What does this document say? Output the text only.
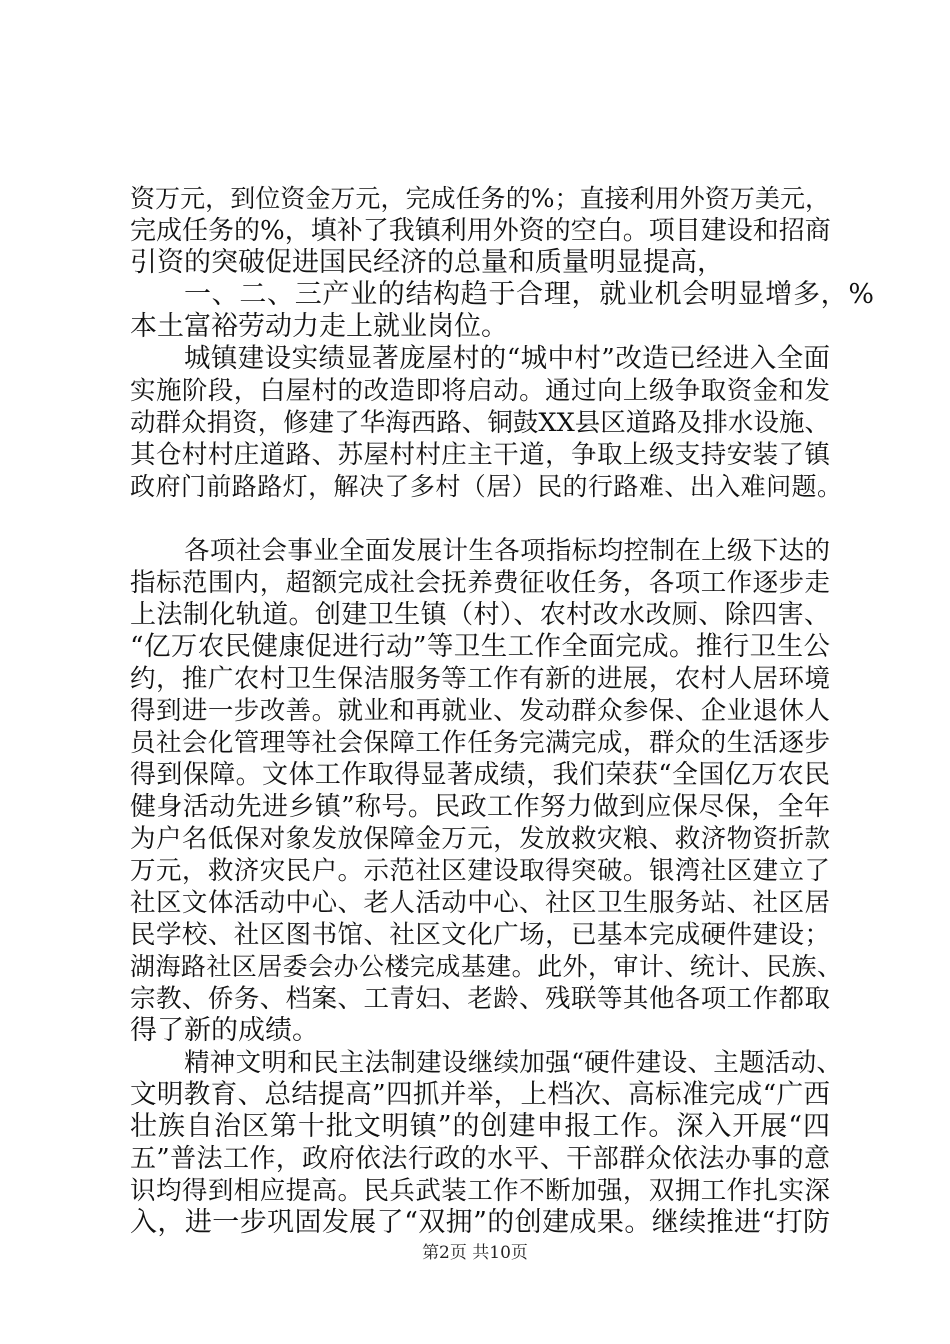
资万元，到位资金万元，完成任务的%；直接利用外资万美元，
完成任务的%，填补了我镇利用外资的空白。项目建设和招商
引资的突破促进国民经济的总量和质量明显提高，
一、二、三产业的结构趋于合理，就业机会明显增多，%
本土富裕劳动力走上就业岗位。
城镇建设实绩显著庞屋村的“城中村”改造已经进入全面
实施阶段，白屋村的改造即将启动。通过向上级争取资金和发
动群众捐资，修建了华海西路、铜鼓XX县区道路及排水设施、
其仓村村庄道路、苏屋村村庄主干道，争取上级支持安装了镇
政府门前路路灯，解决了多村（居）民的行路难、出入难问题。
各项社会事业全面发展计生各项指标均控制在上级下达的
指标范围内，超额完成社会抚养费征收任务，各项工作逐步走
上法制化轨道。创建卫生镇（村）、农村改水改厕、除四害、
“亿万农民健康促进行动”等卫生工作全面完成。推行卫生公
约，推广农村卫生保洁服务等工作有新的进展，农村人居环境
得到进一步改善。就业和再就业、发动群众参保、企业退休人
员社会化管理等社会保障工作任务完满完成，群众的生活逐步
得到保障。文体工作取得显著成绩，我们荣获“全国亿万农民
健身活动先进乡镇”称号。民政工作努力做到应保尽保，全年
为户名低保对象发放保障金万元，发放救灾粮、救济物资折款
万元，救济灾民户。示范社区建设取得突破。银湾社区建立了
社区文体活动中心、老人活动中心、社区卫生服务站、社区居
民学校、社区图书馆、社区文化广场，已基本完成硬件建设；
湖海路社区居委会办公楼完成基建。此外，审计、统计、民族、
宗教、侨务、档案、工青妇、老龄、残联等其他各项工作都取
得了新的成绩。
精神文明和民主法制建设继续加强“硬件建设、主题活动、
文明教育、总结提高”四抓并举，上档次、高标准完成“广西
壮族自治区第十批文明镇”的创建申报工作。深入开展“四
五”普法工作，政府依法行政的水平、干部群众依法办事的意
识均得到相应提高。民兵武装工作不断加强，双拥工作扎实深
入，进一步巩固发展了“双拥”的创建成果。继续推进“打防
第2页 共10页
